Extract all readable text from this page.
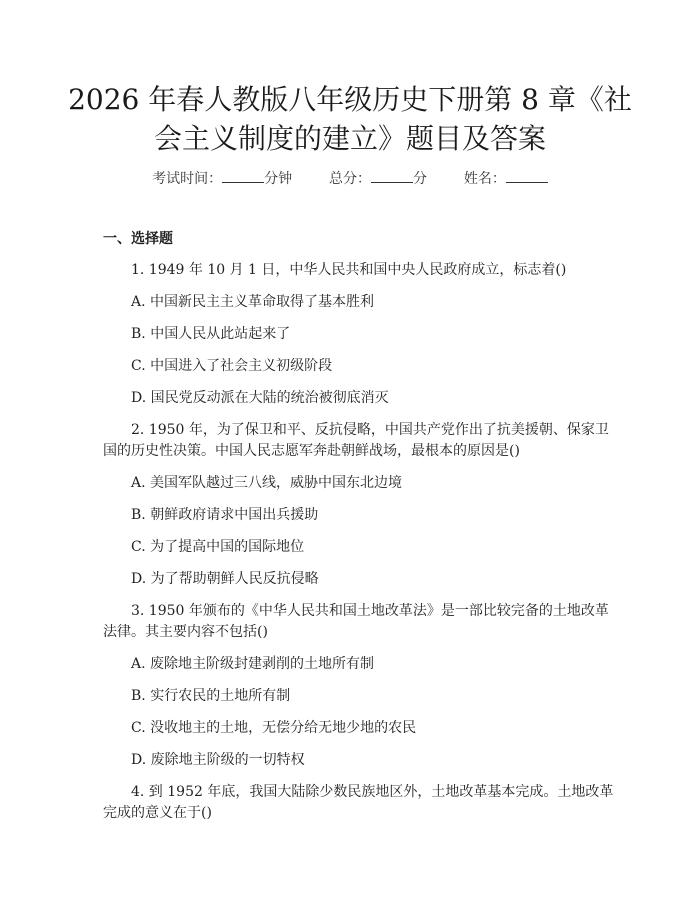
2026 年春人教版八年级历史下册第 8 章《社
会主义制度的建立》题目及答案
考试时间：	分钟	总分：	分	姓名：
一、选择题
1. 1949 年 10 月 1 日，中华人民共和国中央人民政府成立，标志着()
A. 中国新民主主义革命取得了基本胜利
B. 中国人民从此站起来了
C. 中国进入了社会主义初级阶段
D. 国民党反动派在大陆的统治被彻底消灭
2. 1950 年，为了保卫和平、反抗侵略，中国共产党作出了抗美援朝、保家卫
国的历史性决策。中国人民志愿军奔赴朝鲜战场，最根本的原因是()
A. 美国军队越过三八线，威胁中国东北边境
B. 朝鲜政府请求中国出兵援助
C. 为了提高中国的国际地位
D. 为了帮助朝鲜人民反抗侵略
3. 1950 年颁布的《中华人民共和国土地改革法》是一部比较完备的土地改革
法律。其主要内容不包括()
A. 废除地主阶级封建剥削的土地所有制
B. 实行农民的土地所有制
C. 没收地主的土地，无偿分给无地少地的农民
D. 废除地主阶级的一切特权
4. 到 1952 年底，我国大陆除少数民族地区外，土地改革基本完成。土地改革
完成的意义在于()
